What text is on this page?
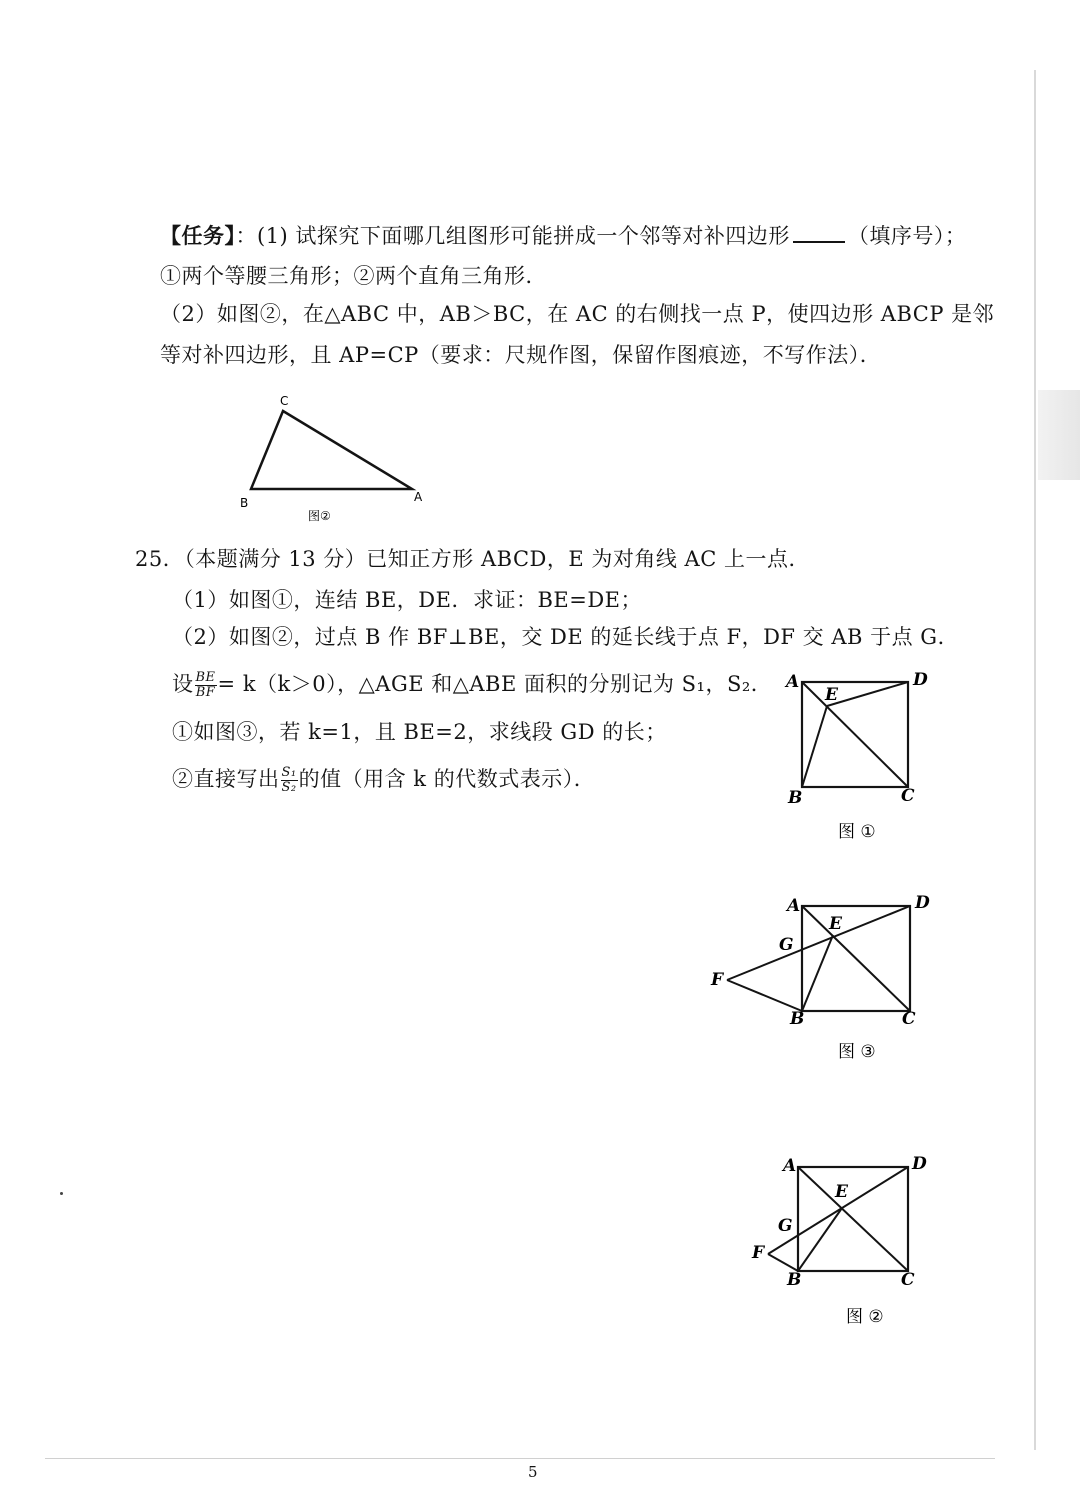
【任务】：(1) 试探究下面哪几组图形可能拼成一个邻等对补四边形	（填序号）；
①两个等腰三角形；②两个直角三角形．
（2）如图②，在△ABC 中，AB＞BC，在 AC 的右侧找一点 P，使四边形 ABCP 是邻
等对补四边形，且 AP=CP（要求：尺规作图，保留作图痕迹，不写作法）．
C
B	A
图②
25．（本题满分 13 分）已知正方形 ABCD，E 为对角线 AC 上一点．
（1）如图①，连结 BE，DE．求证：BE=DE；
（2）如图②，过点 B 作 BF⊥BE，交 DE 的延长线于点 F，DF 交 AB 于点 G．
设 $\frac{BE}{BF} = k(k>0)$，△AGE 和△ABE 面积的分别记为 S₁，S₂．
①如图③，若 k=1，且 BE=2，求线段 GD 的长；
②直接写出 $\frac{\text{S₁}}{\text{S₂}}$ 的值（用含 k 的代数式表示）．
A	D
E
B	C
图 ①
A	D
E
G
F
B	C
图 ③
A	D
E
G
F
B	C
图 ②
5
